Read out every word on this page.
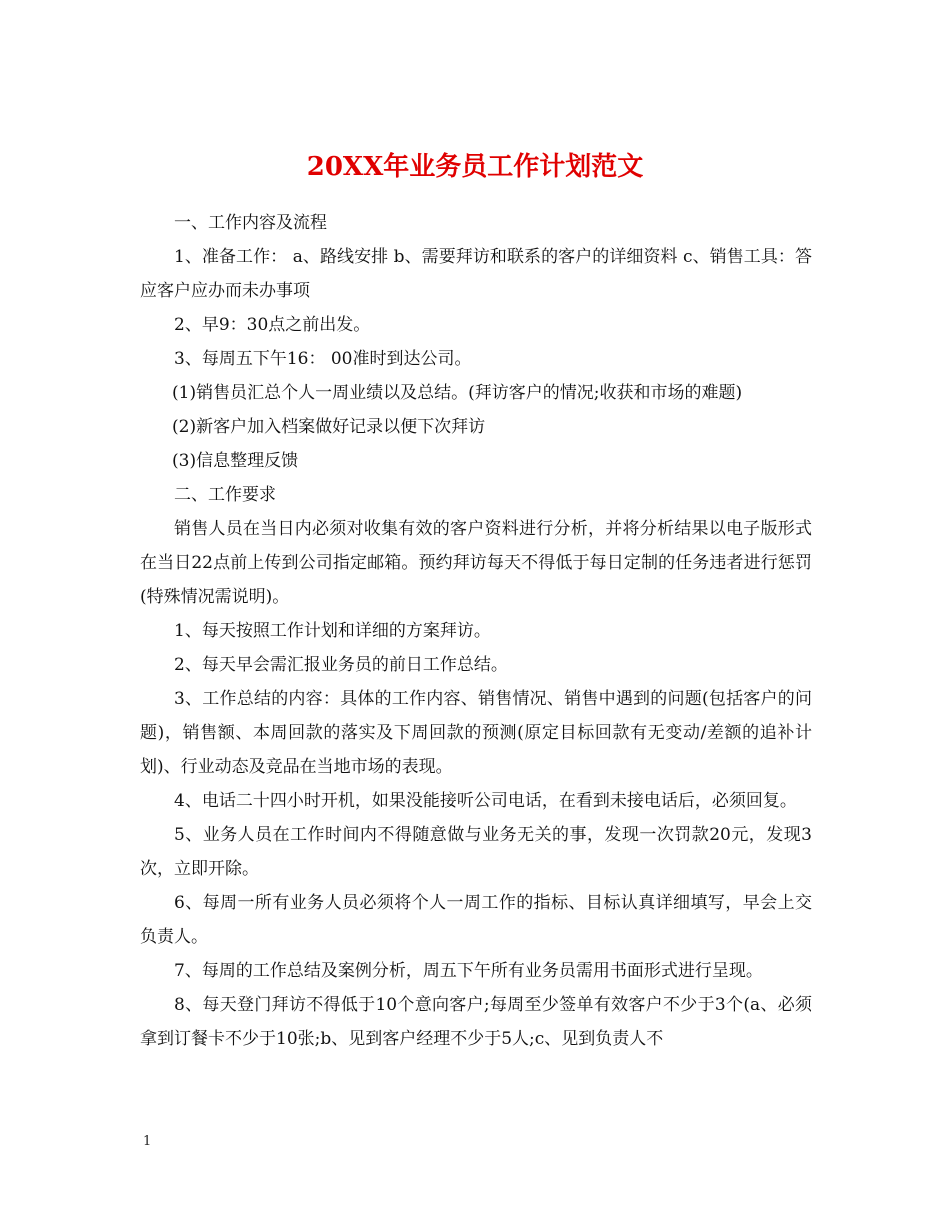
20XX年业务员工作计划范文

一、工作内容及流程

1、准备工作： a、路线安排 b、需要拜访和联系的客户的详细资料 c、销售工具：答应客户应办而未办事项

2、早9：30点之前出发。

3、每周五下午16： 00准时到达公司。

(1)销售员汇总个人一周业绩以及总结。(拜访客户的情况;收获和市场的难题)

(2)新客户加入档案做好记录以便下次拜访

(3)信息整理反馈

二、工作要求

销售人员在当日内必须对收集有效的客户资料进行分析，并将分析结果以电子版形式在当日22点前上传到公司指定邮箱。预约拜访每天不得低于每日定制的任务违者进行惩罚(特殊情况需说明)。

1、每天按照工作计划和详细的方案拜访。

2、每天早会需汇报业务员的前日工作总结。

3、工作总结的内容：具体的工作内容、销售情况、销售中遇到的问题(包括客户的问题)，销售额、本周回款的落实及下周回款的预测(原定目标回款有无变动/差额的追补计划)、行业动态及竞品在当地市场的表现。

4、电话二十四小时开机，如果没能接听公司电话，在看到未接电话后，必须回复。

5、业务人员在工作时间内不得随意做与业务无关的事，发现一次罚款20元，发现3次，立即开除。

6、每周一所有业务人员必须将个人一周工作的指标、目标认真详细填写，早会上交负责人。

7、每周的工作总结及案例分析，周五下午所有业务员需用书面形式进行呈现。

8、每天登门拜访不得低于10个意向客户;每周至少签单有效客户不少于3个(a、必须拿到订餐卡不少于10张;b、见到客户经理不少于5人;c、见到负责人不

1
